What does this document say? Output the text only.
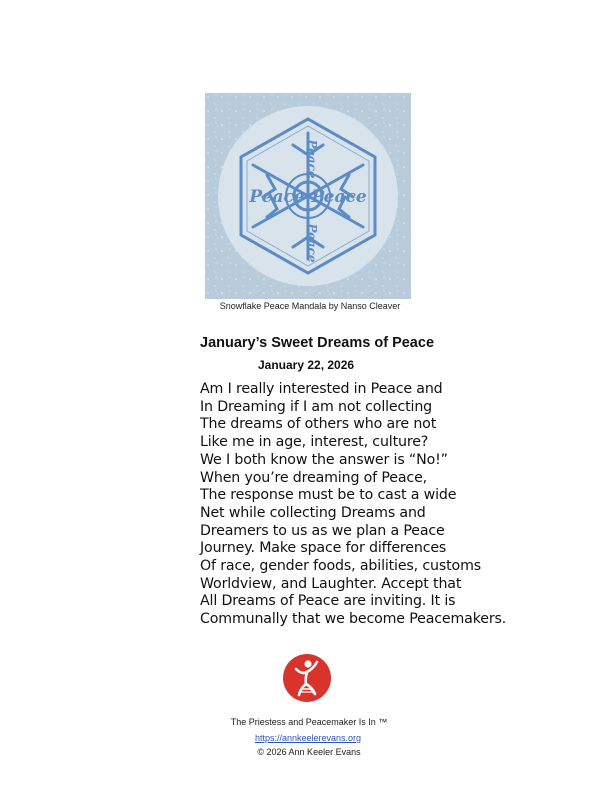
Peace Peace
Peace
Peace
Snowflake Peace Mandala by Nanso Cleaver
January’s Sweet Dreams of Peace
January 22, 2026
Am I really interested in Peace and
In Dreaming if I am not collecting
The dreams of others who are not
Like me in age, interest, culture?
We I both know the answer is “No!”
When you’re dreaming of Peace,
The response must be to cast a wide
Net while collecting Dreams and
Dreamers to us as we plan a Peace
Journey. Make space for differences
Of race, gender foods, abilities, customs
Worldview, and Laughter. Accept that
All Dreams of Peace are inviting. It is
Communally that we become Peacemakers.
The Priestess and Peacemaker Is In ™
https://annkeelerevans.org
© 2026 Ann Keeler Evans
